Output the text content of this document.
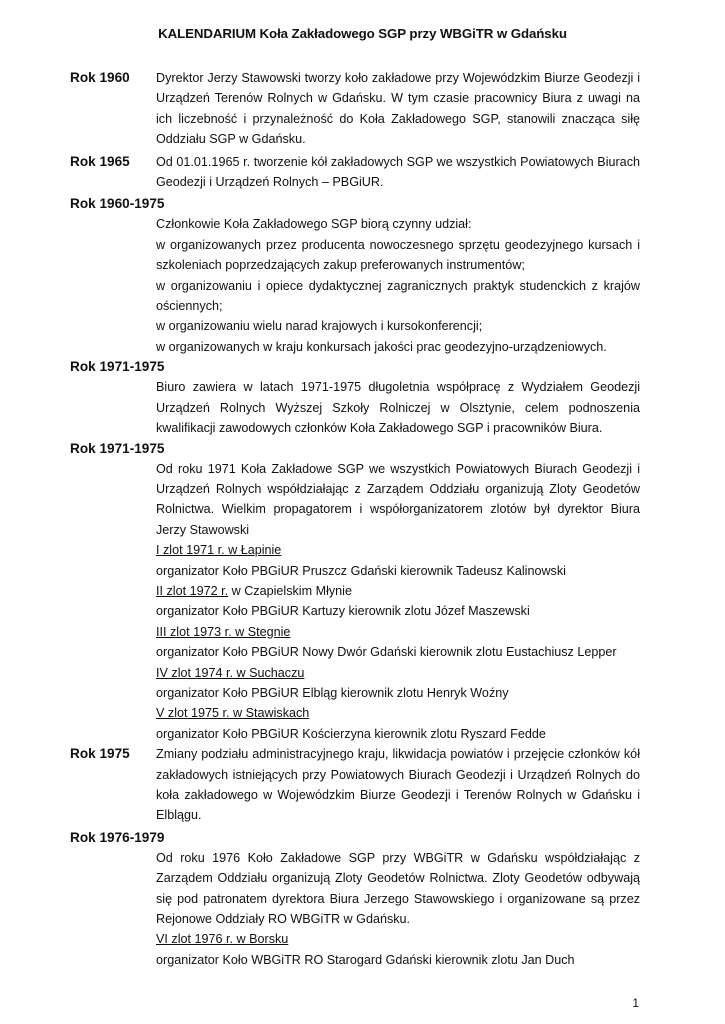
KALENDARIUM Koła Zakładowego SGP przy WBGiTR w Gdańsku
Rok 1960	Dyrektor Jerzy Stawowski tworzy koło zakładowe przy Wojewódzkim Biurze Geodezji i Urządzeń Terenów Rolnych w Gdańsku. W tym czasie pracownicy Biura z uwagi na ich liczebność i przynależność do Koła Zakładowego SGP, stanowili znacząca siłę Oddziału SGP w Gdańsku.
Rok 1965	Od 01.01.1965 r. tworzenie kół zakładowych SGP we wszystkich Powiatowych Biurach Geodezji i Urządzeń Rolnych – PBGiUR.
Rok 1960-1975
Członkowie Koła Zakładowego SGP biorą czynny udział:
w organizowanych przez producenta nowoczesnego sprzętu geodezyjnego kursach i szkoleniach poprzedzających zakup preferowanych instrumentów;
w organizowaniu i opiece dydaktycznej zagranicznych praktyk studenckich z krajów ościennych;
w organizowaniu wielu narad krajowych i kursokonferencji;
w organizowanych w kraju konkursach jakości prac geodezyjno-urządzeniowych.
Rok 1971-1975
Biuro zawiera w latach 1971-1975 długoletnia współpracę z Wydziałem Geodezji Urządzeń Rolnych Wyższej Szkoły Rolniczej w Olsztynie, celem podnoszenia kwalifikacji zawodowych członków Koła Zakładowego SGP i pracowników Biura.
Rok 1971-1975
Od roku 1971 Koła Zakładowe SGP we wszystkich Powiatowych Biurach Geodezji i Urządzeń Rolnych współdziałając z Zarządem Oddziału organizują Zloty Geodetów Rolnictwa. Wielkim propagatorem i współorganizatorem zlotów był dyrektor Biura Jerzy Stawowski
I zlot 1971 r. w Łapinie
organizator Koło PBGiUR Pruszcz Gdański kierownik Tadeusz Kalinowski
II zlot 1972 r. w Czapielskim Młynie
organizator Koło PBGiUR Kartuzy kierownik zlotu Józef Maszewski
III zlot 1973 r. w Stegnie
organizator Koło PBGiUR Nowy Dwór Gdański kierownik zlotu Eustachiusz Lepper
IV zlot 1974 r. w Suchaczu
organizator Koło PBGiUR Elbląg kierownik zlotu Henryk Woźny
V zlot 1975 r. w Stawiskach
organizator Koło PBGiUR Kościerzyna kierownik zlotu Ryszard Fedde
Rok 1975	Zmiany podziału administracyjnego kraju, likwidacja powiatów i przejęcie członków kół zakładowych istniejących przy Powiatowych Biurach Geodezji i Urządzeń Rolnych do koła zakładowego w Wojewódzkim Biurze Geodezji i Terenów Rolnych w Gdańsku i Elblągu.
Rok 1976-1979
Od roku 1976 Koło Zakładowe SGP przy WBGiTR w Gdańsku współdziałając z Zarządem Oddziału organizują Zloty Geodetów Rolnictwa. Zloty Geodetów odbywają się pod patronatem dyrektora Biura Jerzego Stawowskiego i organizowane są przez Rejonowe Oddziały RO WBGiTR w Gdańsku.
VI zlot 1976 r. w Borsku
organizator Koło WBGiTR RO Starogard Gdański kierownik zlotu Jan Duch
1
